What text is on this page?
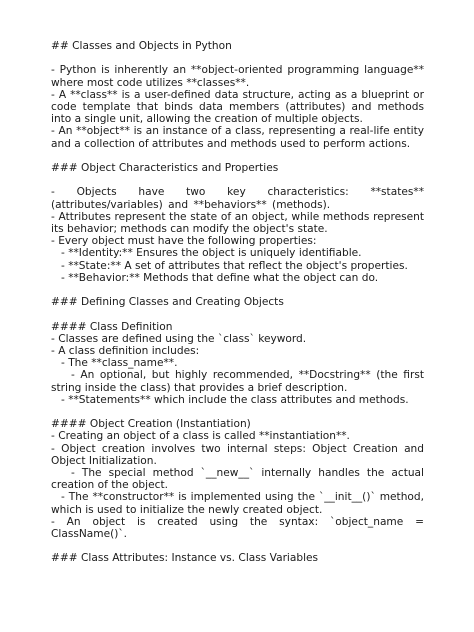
## Classes and Objects in Python
- Python is inherently an **object-oriented programming language** where most code utilizes **classes**.
- A **class** is a user-defined data structure, acting as a blueprint or code template that binds data members (attributes) and methods into a single unit, allowing the creation of multiple objects.
- An **object** is an instance of a class, representing a real-life entity and a collection of attributes and methods used to perform actions.
### Object Characteristics and Properties
- Objects have two key characteristics: **states** (attributes/variables) and **behaviors** (methods).
- Attributes represent the state of an object, while methods represent its behavior; methods can modify the object's state.
- Every object must have the following properties:
- **Identity:** Ensures the object is uniquely identifiable.
- **State:** A set of attributes that reflect the object's properties.
- **Behavior:** Methods that define what the object can do.
### Defining Classes and Creating Objects
#### Class Definition
- Classes are defined using the `class` keyword.
- A class definition includes:
- The **class_name**.
- An optional, but highly recommended, **Docstring** (the first string inside the class) that provides a brief description.
- **Statements** which include the class attributes and methods.
#### Object Creation (Instantiation)
- Creating an object of a class is called **instantiation**.
- Object creation involves two internal steps: Object Creation and Object Initialization.
- The special method `__new__` internally handles the actual creation of the object.
- The **constructor** is implemented using the `__init__()` method, which is used to initialize the newly created object.
- An object is created using the syntax: `object_name = ClassName()`.
### Class Attributes: Instance vs. Class Variables
